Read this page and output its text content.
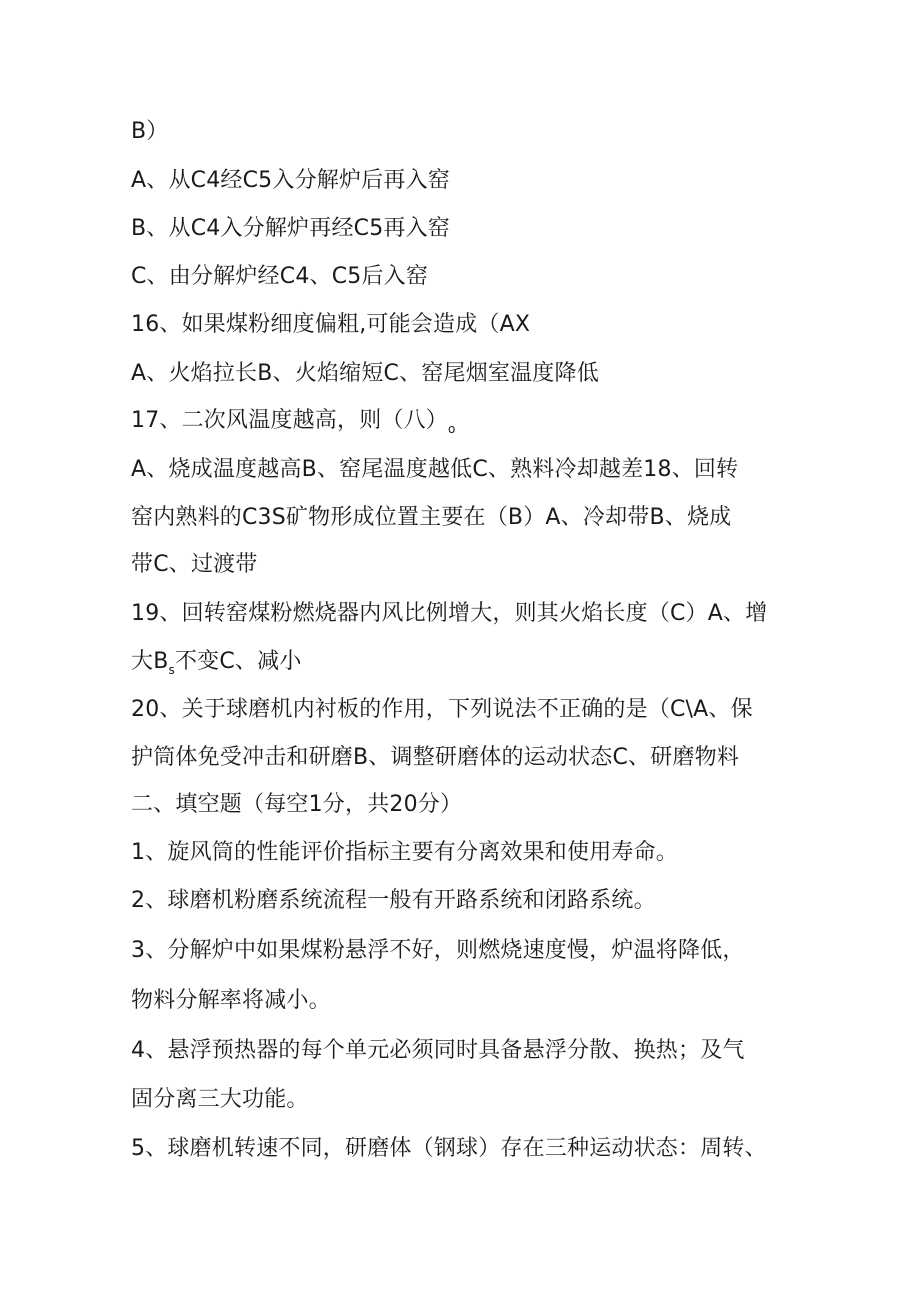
B）
A、从C4经C5入分解炉后再入窑
B、从C4入分解炉再经C5再入窑
C、由分解炉经C4、C5后入窑
16、如果煤粉细度偏粗,可能会造成（AX
A、火焰拉长B、火焰缩短C、窑尾烟室温度降低
17、二次风温度越高，则（八）$_o$
A、烧成温度越高B、窑尾温度越低C、熟料冷却越差18、回转
窑内熟料的C3S矿物形成位置主要在（B）A、冷却带B、烧成
带C、过渡带
19、回转窑煤粉燃烧器内风比例增大，则其火焰长度（C）A、增
大$B_s$不变C、减小
20、关于球磨机内衬板的作用，下列说法不正确的是（C\A、保
护筒体免受冲击和研磨B、调整研磨体的运动状态C、研磨物料
二、填空题（每空1分，共20分）
1、旋风筒的性能评价指标主要有分离效果和使用寿命。
2、球磨机粉磨系统流程一般有开路系统和闭路系统。
3、分解炉中如果煤粉悬浮不好，则燃烧速度慢，炉温将降低，
物料分解率将减小。
4、悬浮预热器的每个单元必须同时具备悬浮分散、换热；及气
固分离三大功能。
5、球磨机转速不同，研磨体（钢球）存在三种运动状态：周转、
